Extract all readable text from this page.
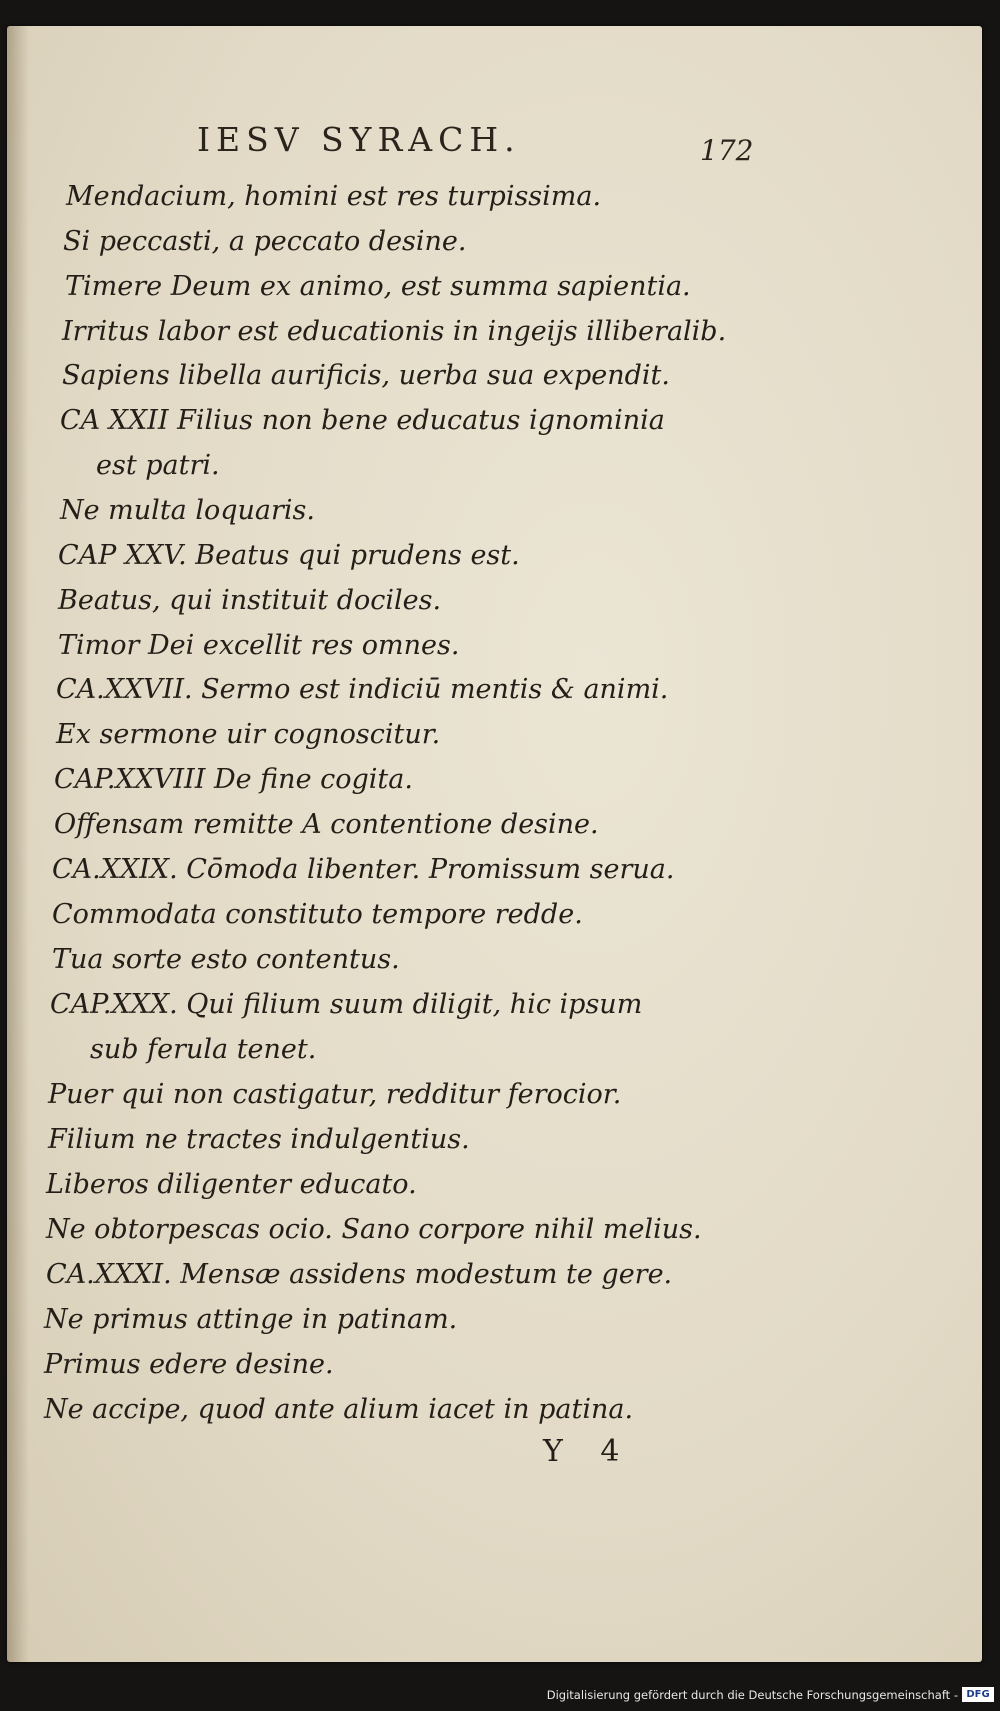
IESV SYRACH.	172
Mendacium, homini est res turpissima.
Si peccasti, a peccato desine.
Timere Deum ex animo, est summa sapientia.
Irritus labor est educationis in ingeijs illiberalib.
Sapiens libella aurificis, uerba sua expendit.
CA XXII Filius non bene educatus ignominia
est patri.
Ne multa loquaris.
CAP XXV. Beatus qui prudens est.
Beatus, qui instituit dociles.
Timor Dei excellit res omnes.
CA.XXVII. Sermo est indiciū mentis & animi.
Ex sermone uir cognoscitur.
CAP.XXVIII De fine cogita.
Offensam remitte A contentione desine.
CA.XXIX. Cōmoda libenter. Promissum serua.
Commodata constituto tempore redde.
Tua sorte esto contentus.
CAP.XXX. Qui filium suum diligit, hic ipsum
sub ferula tenet.
Puer qui non castigatur, redditur ferocior.
Filium ne tractes indulgentius.
Liberos diligenter educato.
Ne obtorpescas ocio. Sano corpore nihil melius.
CA.XXXI. Mensæ assidens modestum te gere.
Ne primus attinge in patinam.
Primus edere desine.
Ne accipe, quod ante alium iacet in patina.
Y 4
Digitalisierung gefördert durch die Deutsche Forschungsgemeinschaft - DFG
